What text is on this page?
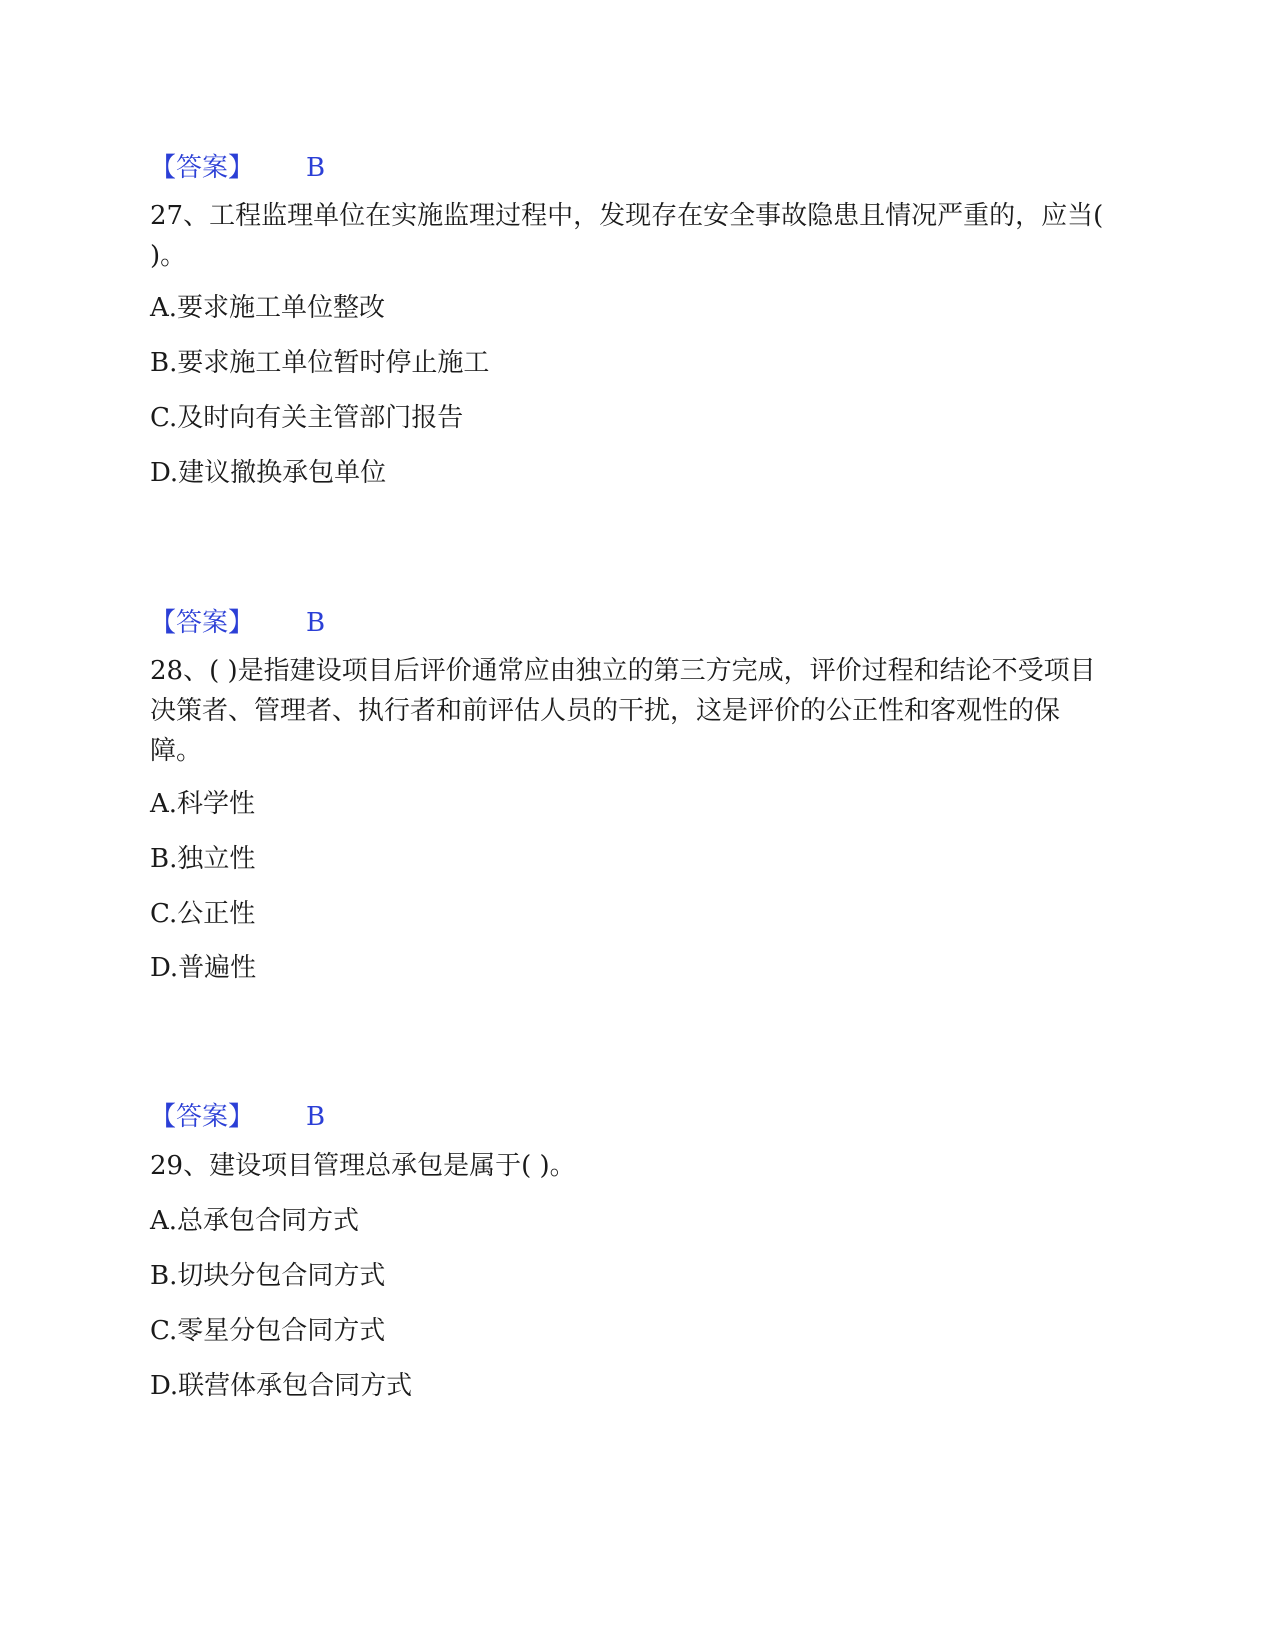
【答案】 B
27、工程监理单位在实施监理过程中，发现存在安全事故隐患且情况严重的，应当( )。
A.要求施工单位整改
B.要求施工单位暂时停止施工
C.及时向有关主管部门报告
D.建议撤换承包单位
【答案】 B
28、( )是指建设项目后评价通常应由独立的第三方完成，评价过程和结论不受项目决策者、管理者、执行者和前评估人员的干扰，这是评价的公正性和客观性的保障。
A.科学性
B.独立性
C.公正性
D.普遍性
【答案】 B
29、建设项目管理总承包是属于( )。
A.总承包合同方式
B.切块分包合同方式
C.零星分包合同方式
D.联营体承包合同方式
